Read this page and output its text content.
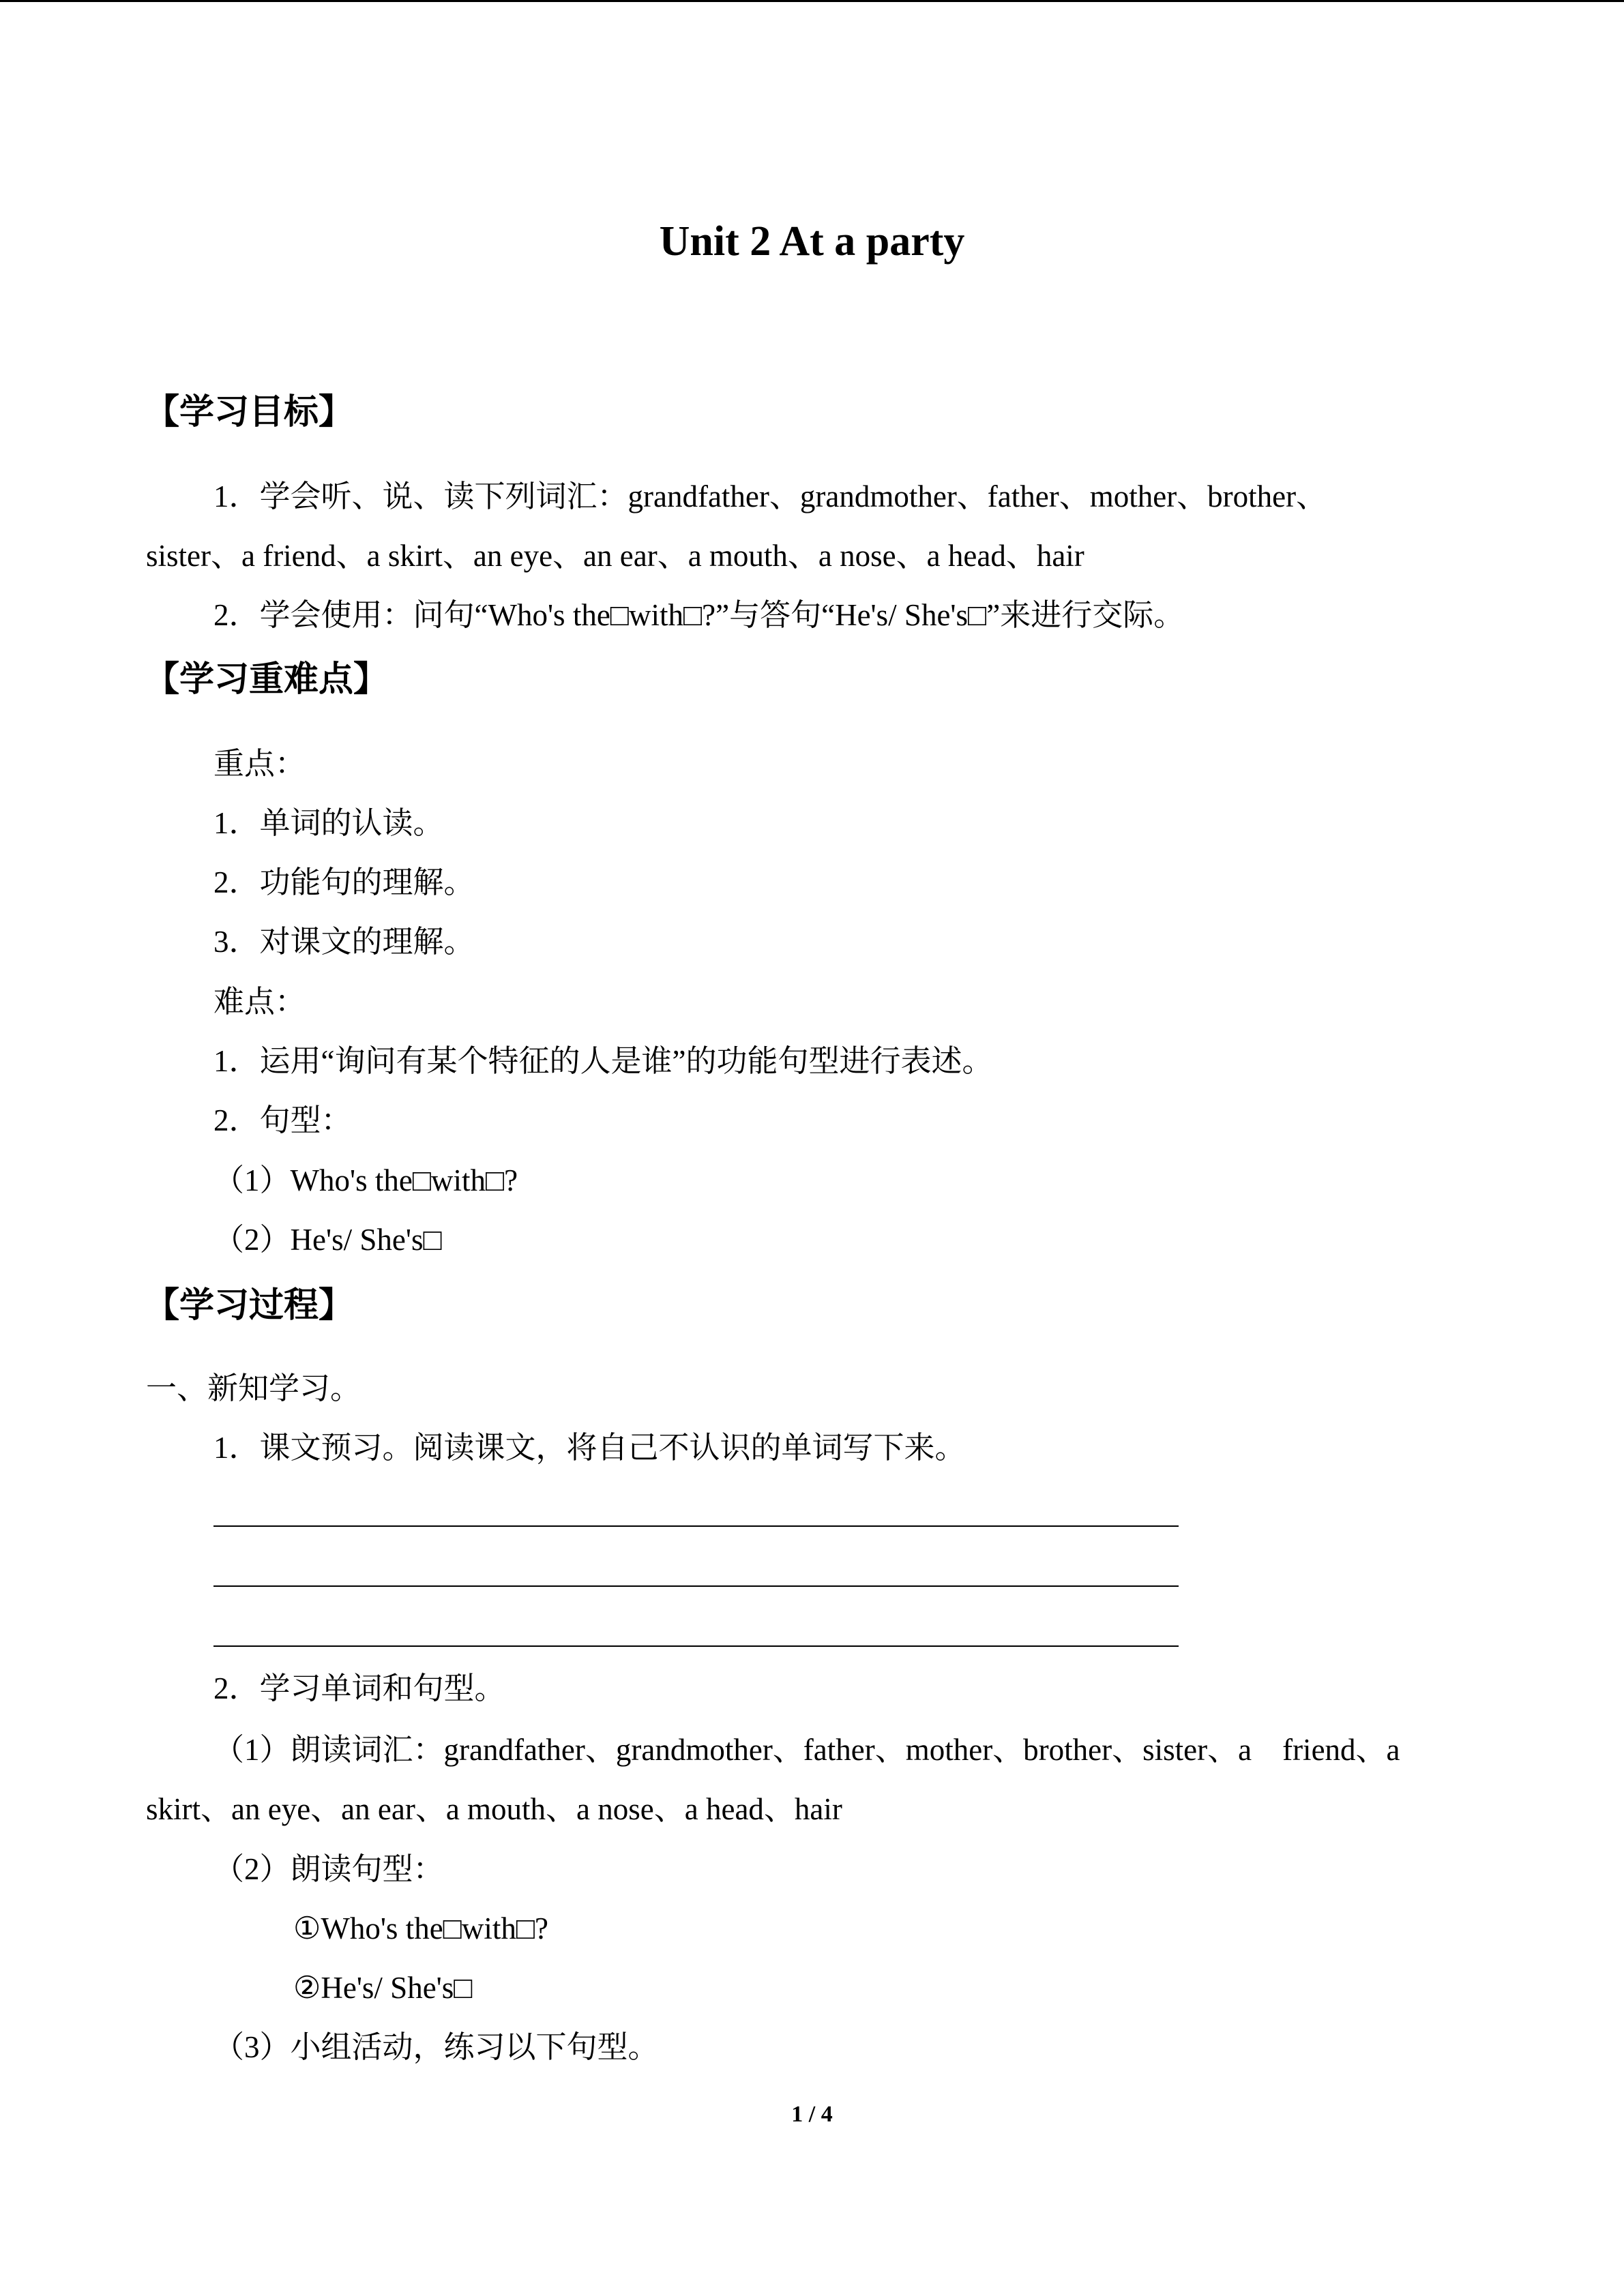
Unit 2 At a party
【学习目标】
1．学会听、说、读下列词汇：grandfather、grandmother、father、mother、brother、
sister、a friend、a skirt、an eye、an ear、a mouth、a nose、a head、hair
2．学会使用：问句“Who's the□with□?”与答句“He's/ She's□”来进行交际。
【学习重难点】
重点：
1．单词的认读。
2．功能句的理解。
3．对课文的理解。
难点：
1．运用“询问有某个特征的人是谁”的功能句型进行表述。
2．句型：
（1）Who's the□with□?
（2）He's/ She's□
【学习过程】
一、新知学习。
1．课文预习。阅读课文，将自己不认识的单词写下来。
2．学习单词和句型。
（1）朗读词汇：grandfather、grandmother、father、mother、brother、sister、a　friend、a
skirt、an eye、an ear、a mouth、a nose、a head、hair
（2）朗读句型：
①Who's the□with□?
②He's/ She's□
（3）小组活动，练习以下句型。
1 / 4
